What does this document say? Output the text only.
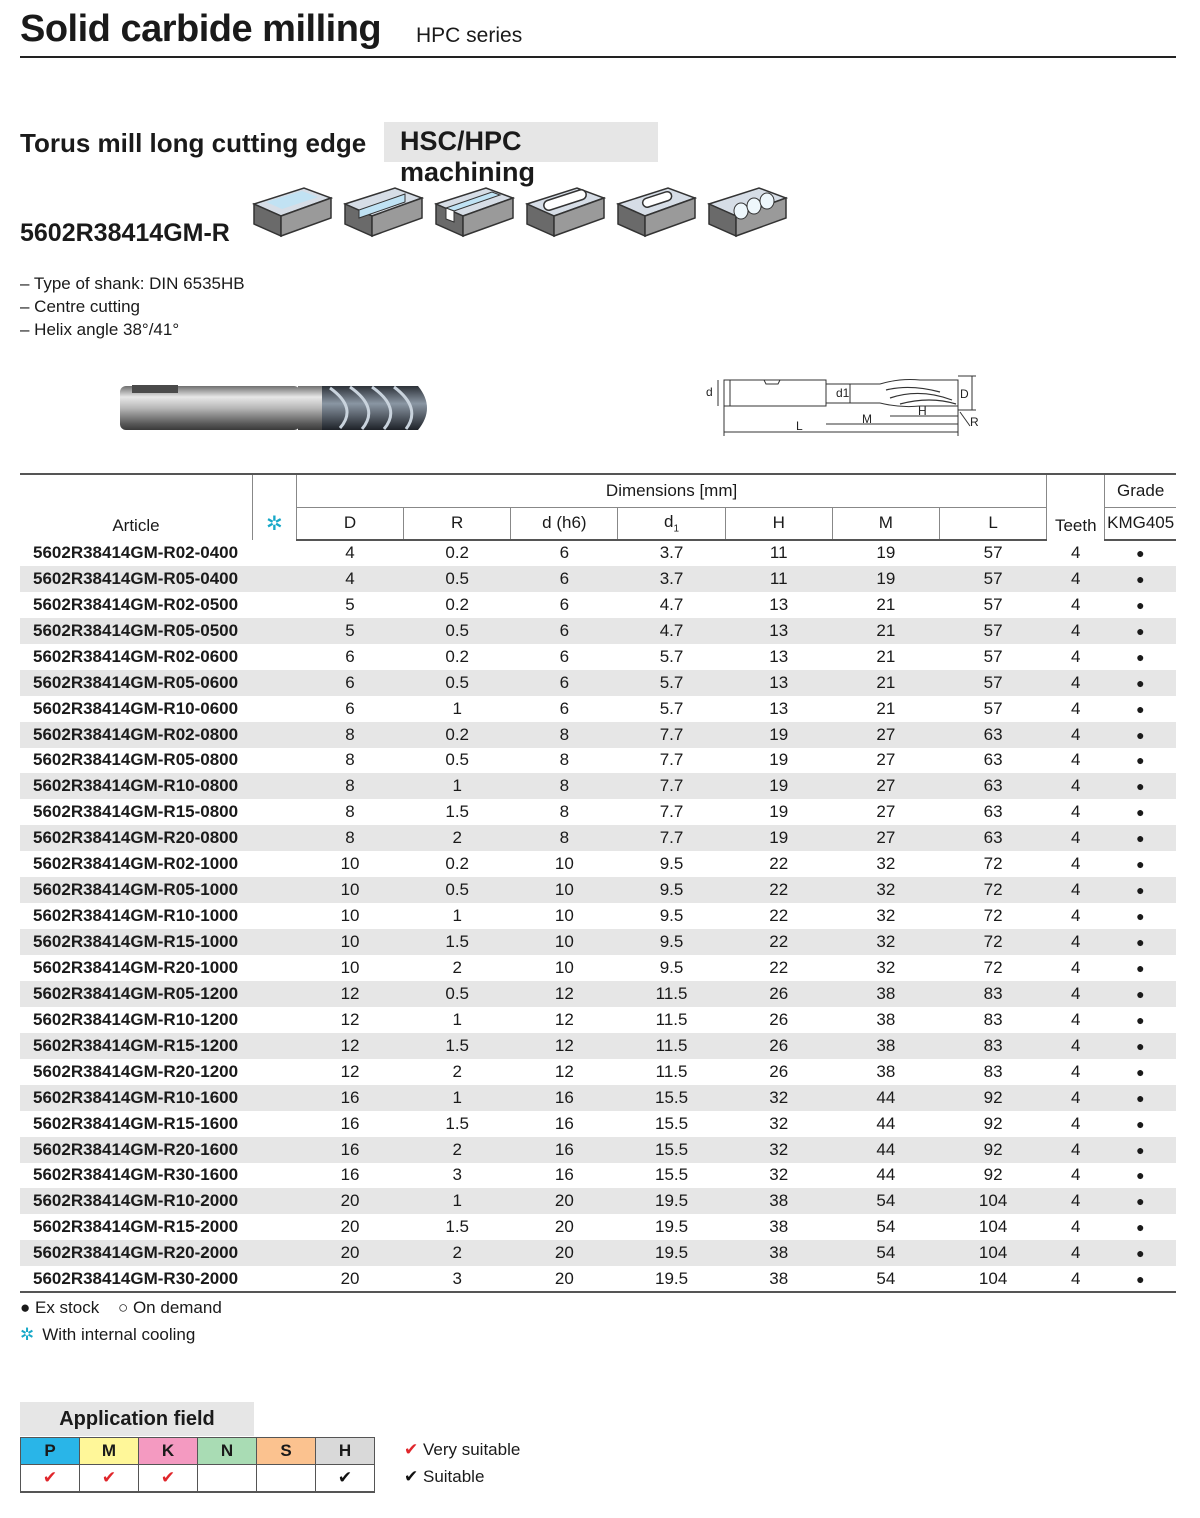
Solid carbide milling HPC series
Torus mill long cutting edge	HSC/HPC machining
5602R38414GM-R
– Type of shank: DIN 6535HB
– Centre cutting
– Helix angle 38°/41°
d	d1	D
H
M
L	R
Article	✲	Dimensions [mm]							Teeth	Grade
		D	R	d (h6)	$d_1$	H	M	L		KMG405
5602R38414GM-R02-0400		4	0.2	6	3.7	11	19	57	4	●
5602R38414GM-R05-0400		4	0.5	6	3.7	11	19	57	4	●
5602R38414GM-R02-0500		5	0.2	6	4.7	13	21	57	4	●
5602R38414GM-R05-0500		5	0.5	6	4.7	13	21	57	4	●
5602R38414GM-R02-0600		6	0.2	6	5.7	13	21	57	4	●
5602R38414GM-R05-0600		6	0.5	6	5.7	13	21	57	4	●
5602R38414GM-R10-0600		6	1	6	5.7	13	21	57	4	●
5602R38414GM-R02-0800		8	0.2	8	7.7	19	27	63	4	●
5602R38414GM-R05-0800		8	0.5	8	7.7	19	27	63	4	●
5602R38414GM-R10-0800		8	1	8	7.7	19	27	63	4	●
5602R38414GM-R15-0800		8	1.5	8	7.7	19	27	63	4	●
5602R38414GM-R20-0800		8	2	8	7.7	19	27	63	4	●
5602R38414GM-R02-1000		10	0.2	10	9.5	22	32	72	4	●
5602R38414GM-R05-1000		10	0.5	10	9.5	22	32	72	4	●
5602R38414GM-R10-1000		10	1	10	9.5	22	32	72	4	●
5602R38414GM-R15-1000		10	1.5	10	9.5	22	32	72	4	●
5602R38414GM-R20-1000		10	2	10	9.5	22	32	72	4	●
5602R38414GM-R05-1200		12	0.5	12	11.5	26	38	83	4	●
5602R38414GM-R10-1200		12	1	12	11.5	26	38	83	4	●
5602R38414GM-R15-1200		12	1.5	12	11.5	26	38	83	4	●
5602R38414GM-R20-1200		12	2	12	11.5	26	38	83	4	●
5602R38414GM-R10-1600		16	1	16	15.5	32	44	92	4	●
5602R38414GM-R15-1600		16	1.5	16	15.5	32	44	92	4	●
5602R38414GM-R20-1600		16	2	16	15.5	32	44	92	4	●
5602R38414GM-R30-1600		16	3	16	15.5	32	44	92	4	●
5602R38414GM-R10-2000		20	1	20	19.5	38	54	104	4	●
5602R38414GM-R15-2000		20	1.5	20	19.5	38	54	104	4	●
5602R38414GM-R20-2000		20	2	20	19.5	38	54	104	4	●
5602R38414GM-R30-2000		20	3	20	19.5	38	54	104	4	●
● Ex stock ○ On demand
✲ With internal cooling
Application field
P	M	K	N	S	H
✔	✔	✔			✔
✔ Very suitable
✔ Suitable
